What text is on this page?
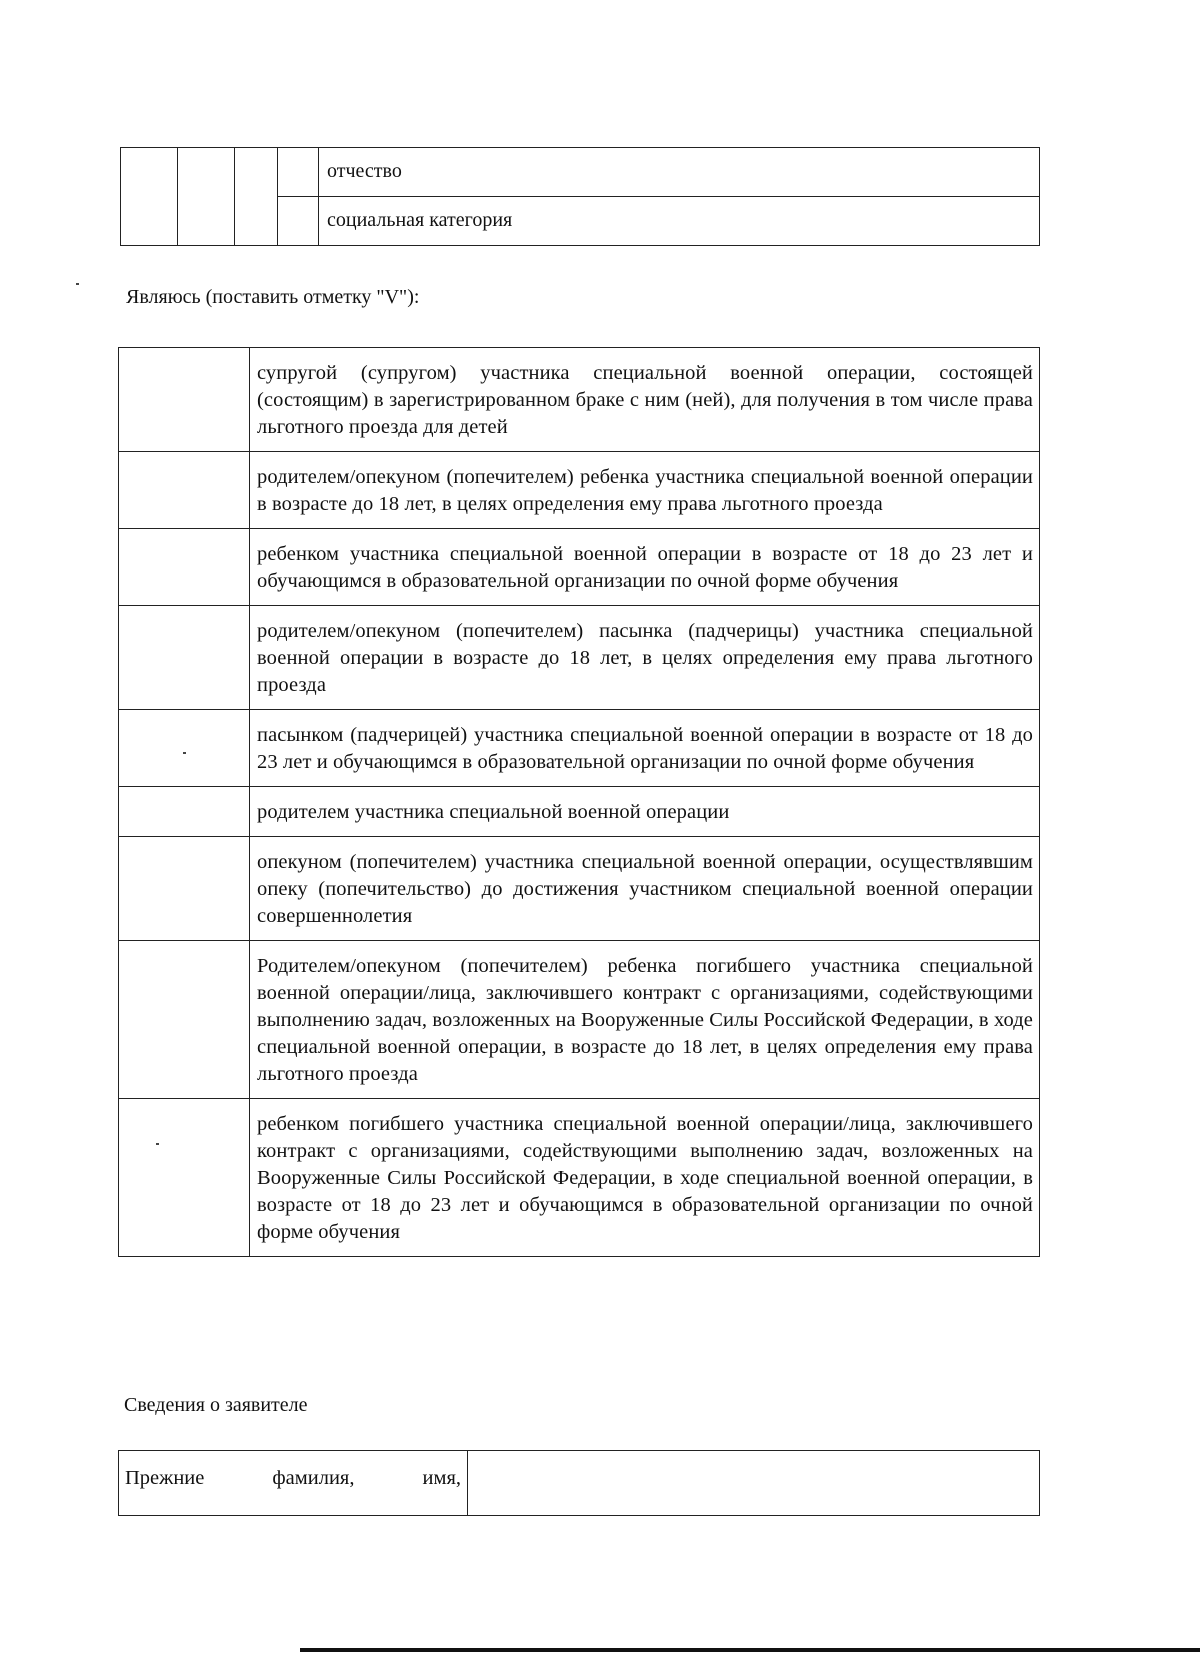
				отчество
				социальная категория
Являюсь (поставить отметку "V"):
	супругой (супругом) участника специальной военной операции, состоящей (состоящим) в зарегистрированном браке с ним (ней), для получения в том числе права льготного проезда для детей
	родителем/опекуном (попечителем) ребенка участника специальной военной операции в возрасте до 18 лет, в целях определения ему права льготного проезда
	ребенком участника специальной военной операции в возрасте от 18 до 23 лет и обучающимся в образовательной организации по очной форме обучения
	родителем/опекуном (попечителем) пасынка (падчерицы) участника специальной военной операции в возрасте до 18 лет, в целях определения ему права льготного проезда
	пасынком (падчерицей) участника специальной военной операции в возрасте от 18 до 23 лет и обучающимся в образовательной организации по очной форме обучения
	родителем участника специальной военной операции
	опекуном (попечителем) участника специальной военной операции, осуществлявшим опеку (попечительство) до достижения участником специальной военной операции совершеннолетия
	Родителем/опекуном (попечителем) ребенка погибшего участника специальной военной операции/лица, заключившего контракт с организациями, содействующими выполнению задач, возложенных на Вооруженные Силы Российской Федерации, в ходе специальной военной операции, в возрасте до 18 лет, в целях определения ему права льготного проезда
	ребенком погибшего участника специальной военной операции/лица, заключившего контракт с организациями, содействующими выполнению задач, возложенных на Вооруженные Силы Российской Федерации, в ходе специальной военной операции, в возрасте от 18 до 23 лет и обучающимся в образовательной организации по очной форме обучения
Сведения о заявителе
Прежние фамилия, имя,	
